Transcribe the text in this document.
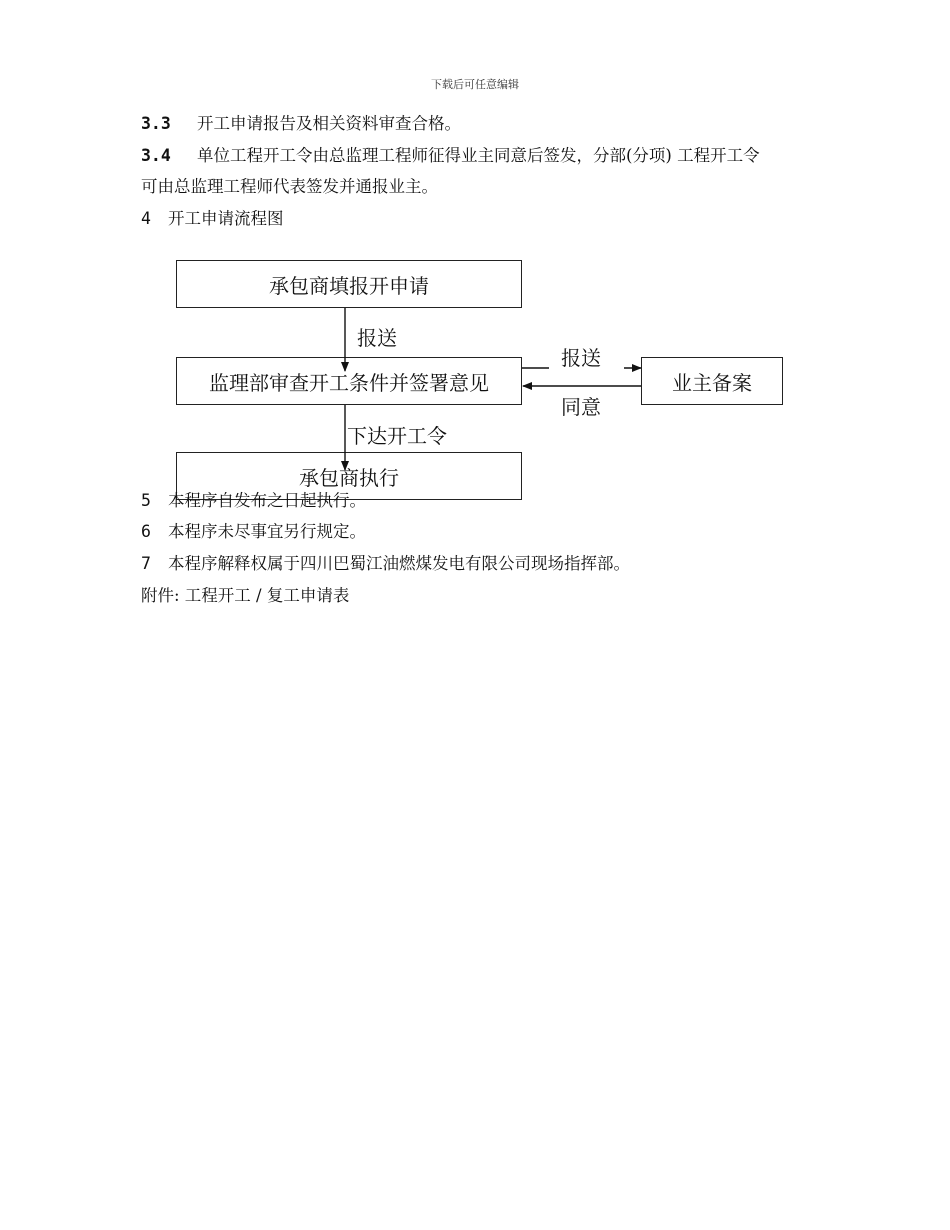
下载后可任意编辑
3.3 开工申请报告及相关资料审查合格。
3.4 单位工程开工令由总监理工程师征得业主同意后签发，分部(分项) 工程开工令
可由总监理工程师代表签发并通报业主。
4 开工申请流程图
承包商填报开申请
监理部审查开工条件并签署意见	业主备案
承包商执行
报送
报送
同意
下达开工令
5 本程序自发布之日起执行。
6 本程序未尽事宜另行规定。
7 本程序解释权属于四川巴蜀江油燃煤发电有限公司现场指挥部。
附件: 工程开工 / 复工申请表
